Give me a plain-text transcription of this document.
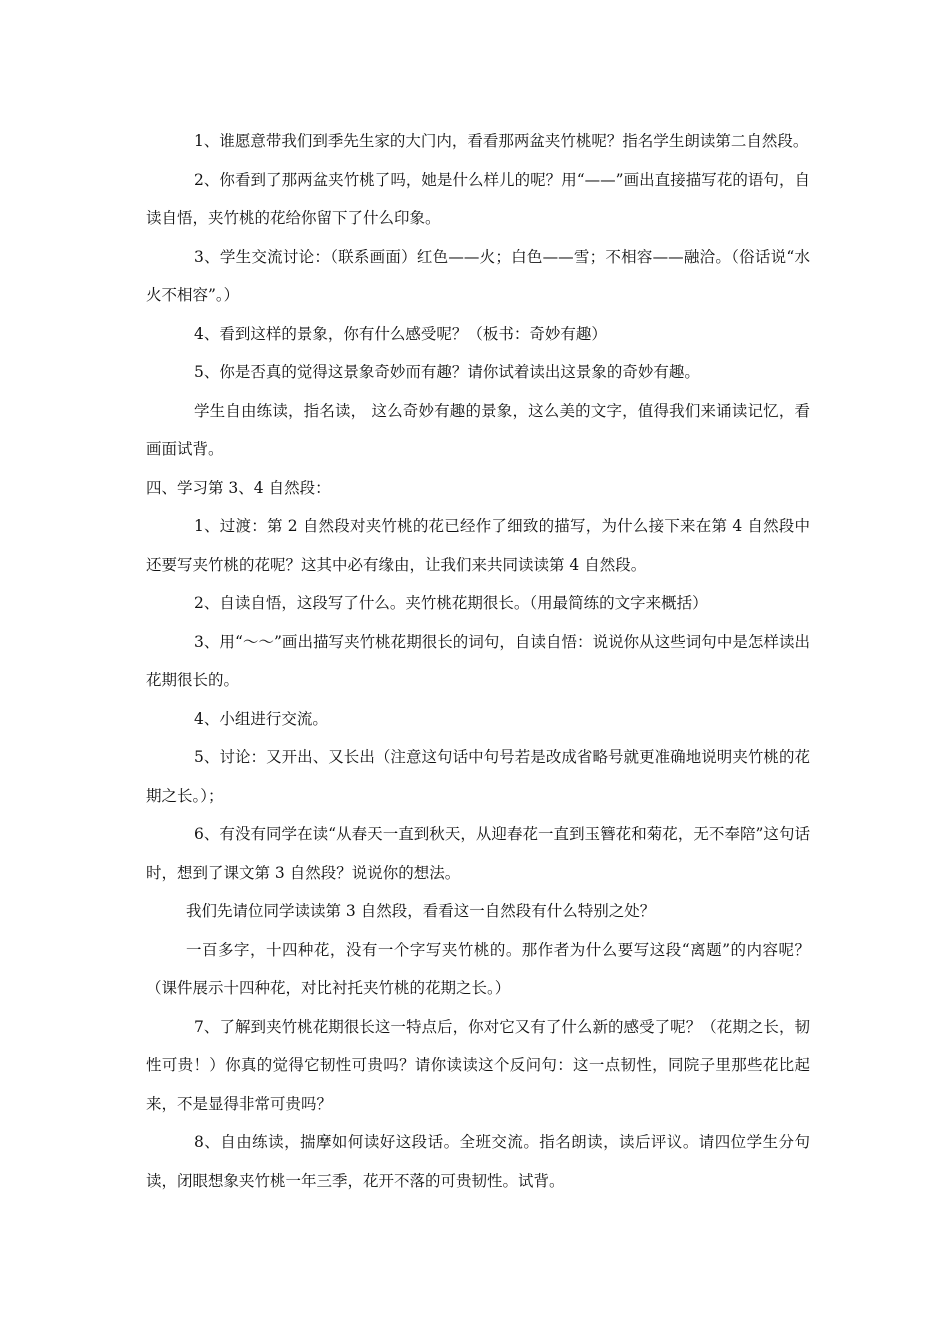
1、谁愿意带我们到季先生家的大门内，看看那两盆夹竹桃呢？指名学生朗读第二自然段。

2、你看到了那两盆夹竹桃了吗，她是什么样儿的呢？用“——”画出直接描写花的语句，自读自悟，夹竹桃的花给你留下了什么印象。

3、学生交流讨论：（联系画面）红色——火；白色——雪；不相容——融洽。（俗话说“水火不相容”。）

4、看到这样的景象，你有什么感受呢？（板书：奇妙有趣）

5、你是否真的觉得这景象奇妙而有趣？请你试着读出这景象的奇妙有趣。

学生自由练读，指名读， 这么奇妙有趣的景象，这么美的文字，值得我们来诵读记忆，看画面试背。

四、学习第 3、4 自然段：

1、过渡：第 2 自然段对夹竹桃的花已经作了细致的描写，为什么接下来在第 4 自然段中还要写夹竹桃的花呢？这其中必有缘由，让我们来共同读读第 4 自然段。

2、自读自悟，这段写了什么。夹竹桃花期很长。（用最简练的文字来概括）

3、用“～～”画出描写夹竹桃花期很长的词句，自读自悟：说说你从这些词句中是怎样读出花期很长的。

4、小组进行交流。

5、讨论：又开出、又长出（注意这句话中句号若是改成省略号就更准确地说明夹竹桃的花期之长。）；

6、有没有同学在读“从春天一直到秋天，从迎春花一直到玉簪花和菊花，无不奉陪”这句话时，想到了课文第 3 自然段？说说你的想法。

我们先请位同学读读第 3 自然段，看看这一自然段有什么特别之处？

一百多字，十四种花，没有一个字写夹竹桃的。那作者为什么要写这段“离题”的内容呢？（课件展示十四种花，对比衬托夹竹桃的花期之长。）

7、了解到夹竹桃花期很长这一特点后，你对它又有了什么新的感受了呢？（花期之长，韧性可贵！）你真的觉得它韧性可贵吗？请你读读这个反问句：这一点韧性，同院子里那些花比起来，不是显得非常可贵吗？

8、自由练读，揣摩如何读好这段话。全班交流。指名朗读，读后评议。请四位学生分句读，闭眼想象夹竹桃一年三季，花开不落的可贵韧性。试背。
